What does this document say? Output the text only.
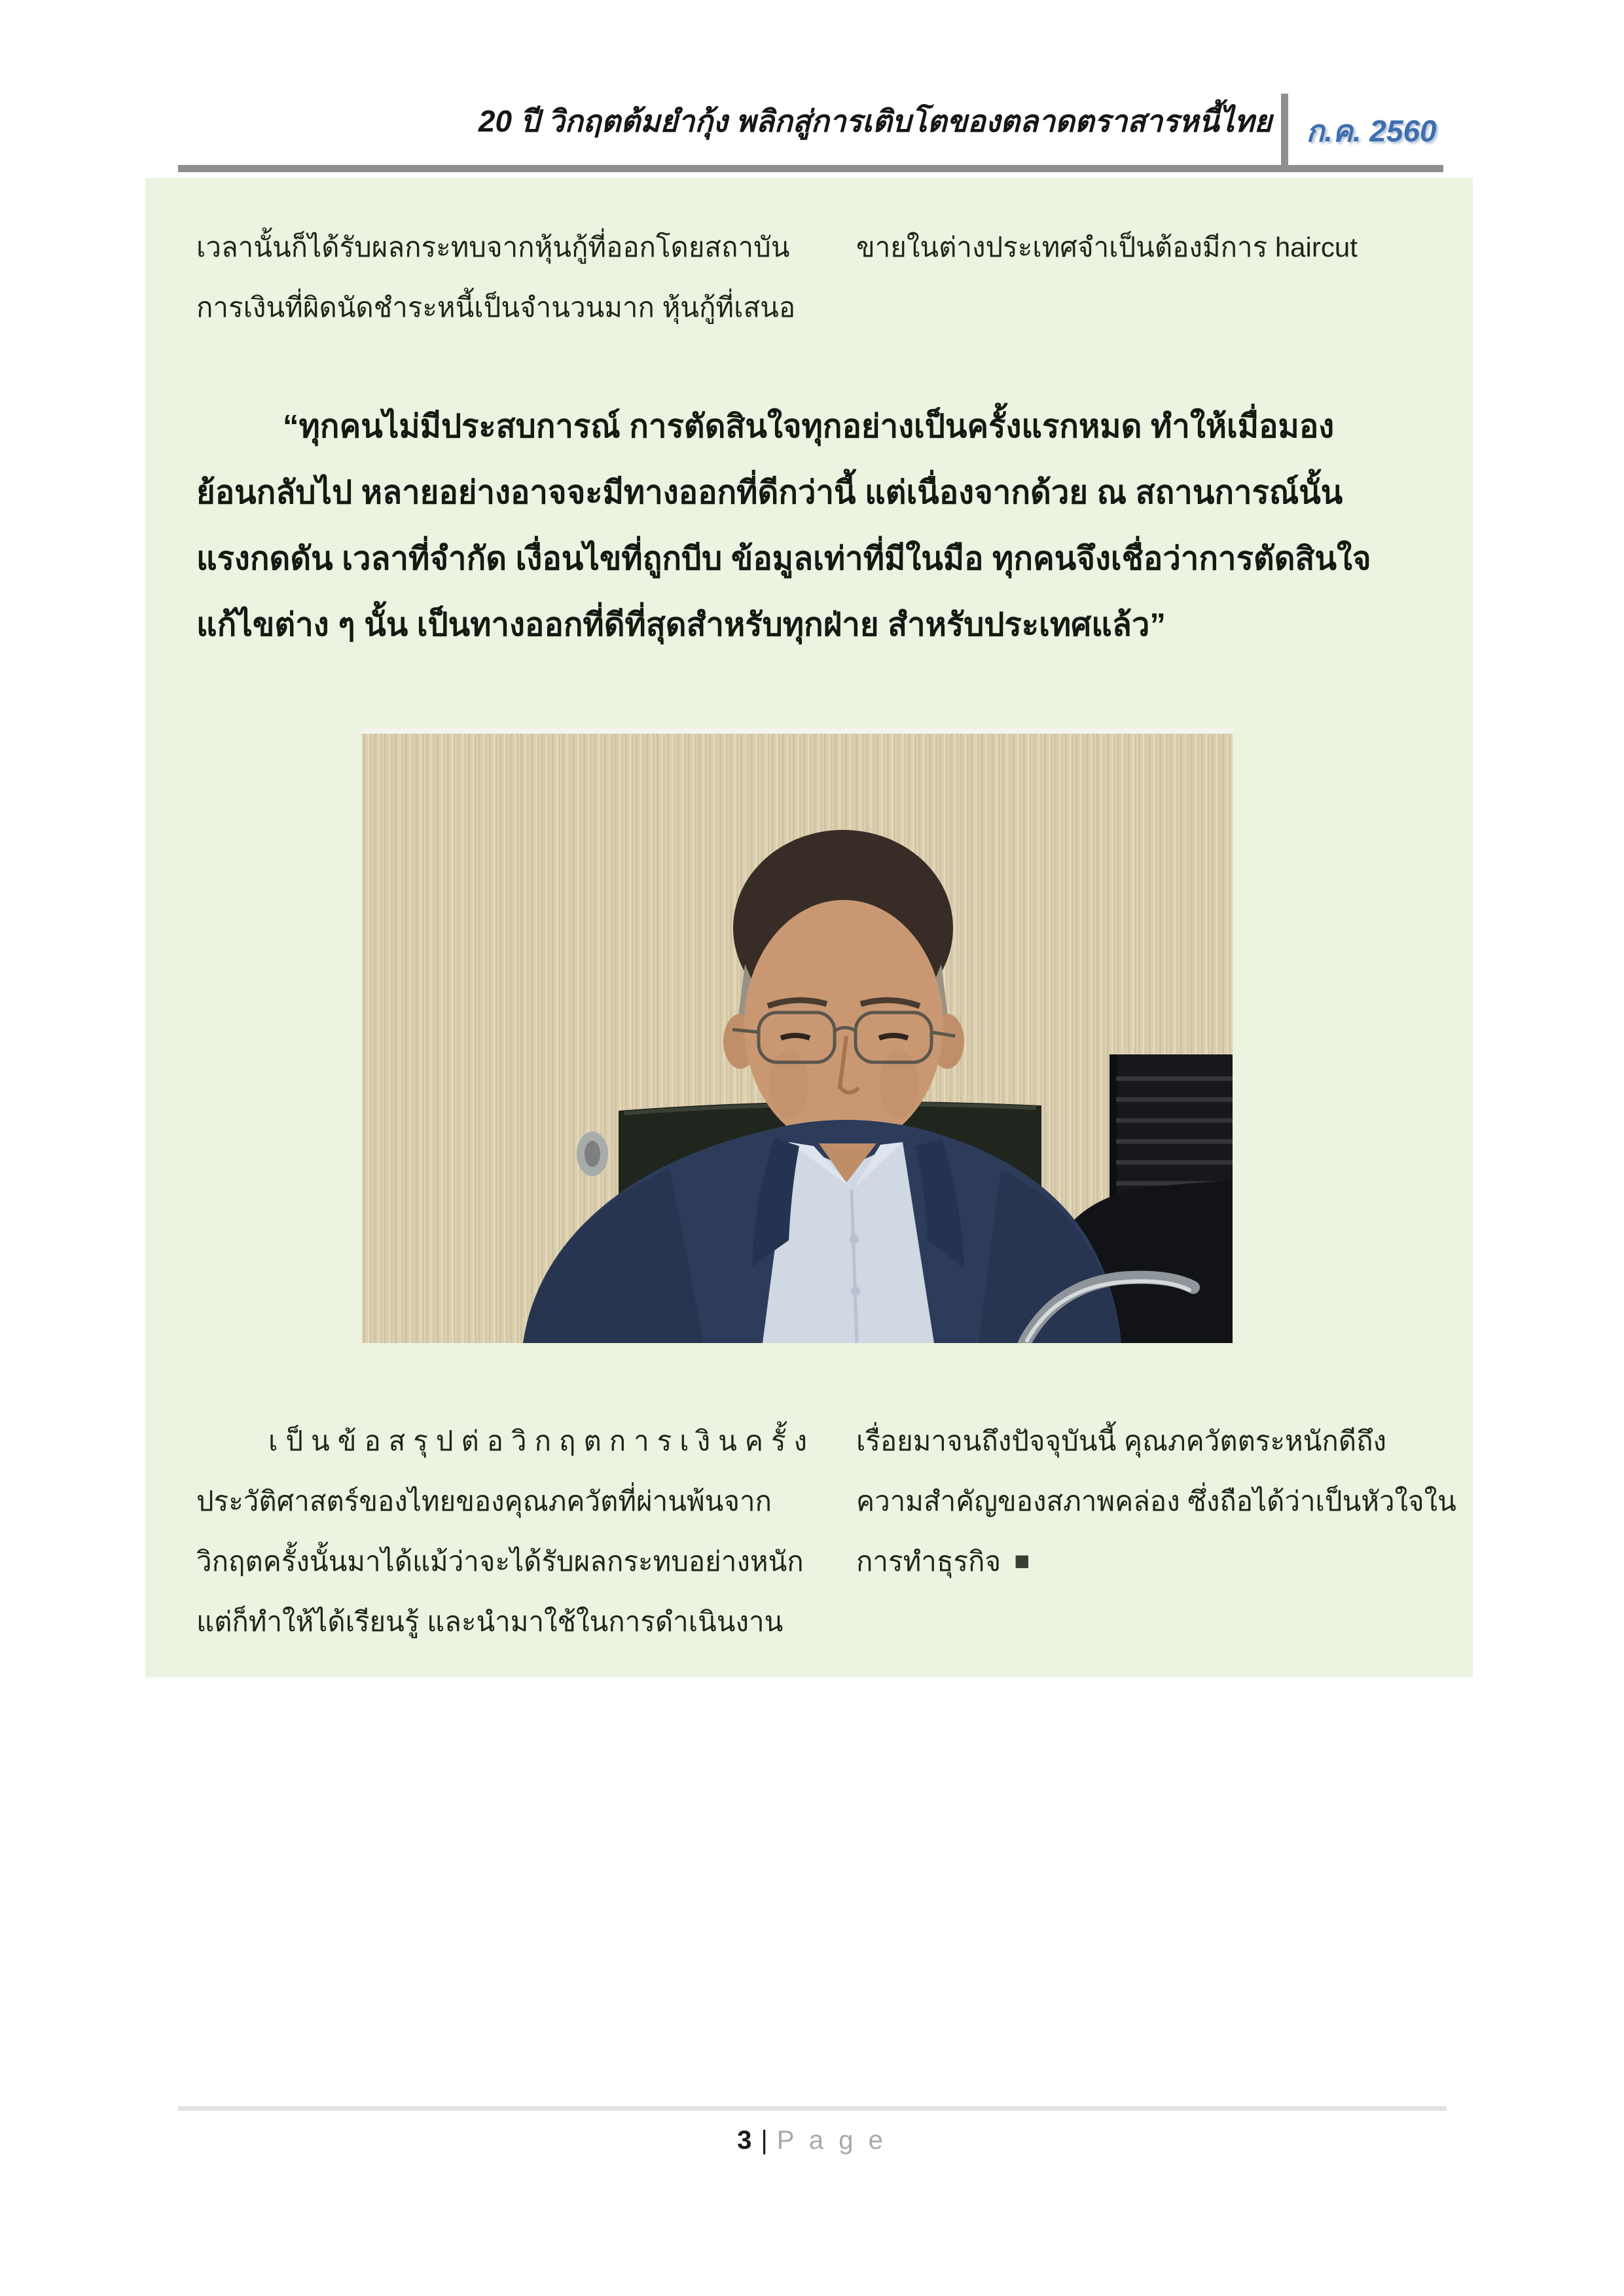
20 ปี วิกฤตต้มยำกุ้ง พลิกสู่การเติบโตของตลาดตราสารหนี้ไทย ก.ค. 2560
เวลานั้นก็ได้รับผลกระทบจากหุ้นกู้ที่ออกโดยสถาบัน
การเงินที่ผิดนัดชำระหนี้เป็นจำนวนมาก หุ้นกู้ที่เสนอ
ขายในต่างประเทศจำเป็นต้องมีการ haircut
“ทุกคนไม่มีประสบการณ์ การตัดสินใจทุกอย่างเป็นครั้งแรกหมด ทำให้เมื่อมอง
ย้อนกลับไป หลายอย่างอาจจะมีทางออกที่ดีกว่านี้ แต่เนื่องจากด้วย ณ สถานการณ์นั้น
แรงกดดัน เวลาที่จำกัด เงื่อนไขที่ถูกบีบ ข้อมูลเท่าที่มีในมือ ทุกคนจึงเชื่อว่าการตัดสินใจ
แก้ไขต่าง ๆ นั้น เป็นทางออกที่ดีที่สุดสำหรับทุกฝ่าย สำหรับประเทศแล้ว”
เป็นข้อสรุปต่อวิกฤตการเงินครั้ง
ประวัติศาสตร์ของไทยของคุณภควัตที่ผ่านพ้นจาก
วิกฤตครั้งนั้นมาได้แม้ว่าจะได้รับผลกระทบอย่างหนัก
แต่ก็ทำให้ได้เรียนรู้ และนำมาใช้ในการดำเนินงาน
เรื่อยมาจนถึงปัจจุบันนี้ คุณภควัตตระหนักดีถึง
ความสำคัญของสภาพคล่อง ซึ่งถือได้ว่าเป็นหัวใจใน
การทำธุรกิจ ■
3 | P a g e
